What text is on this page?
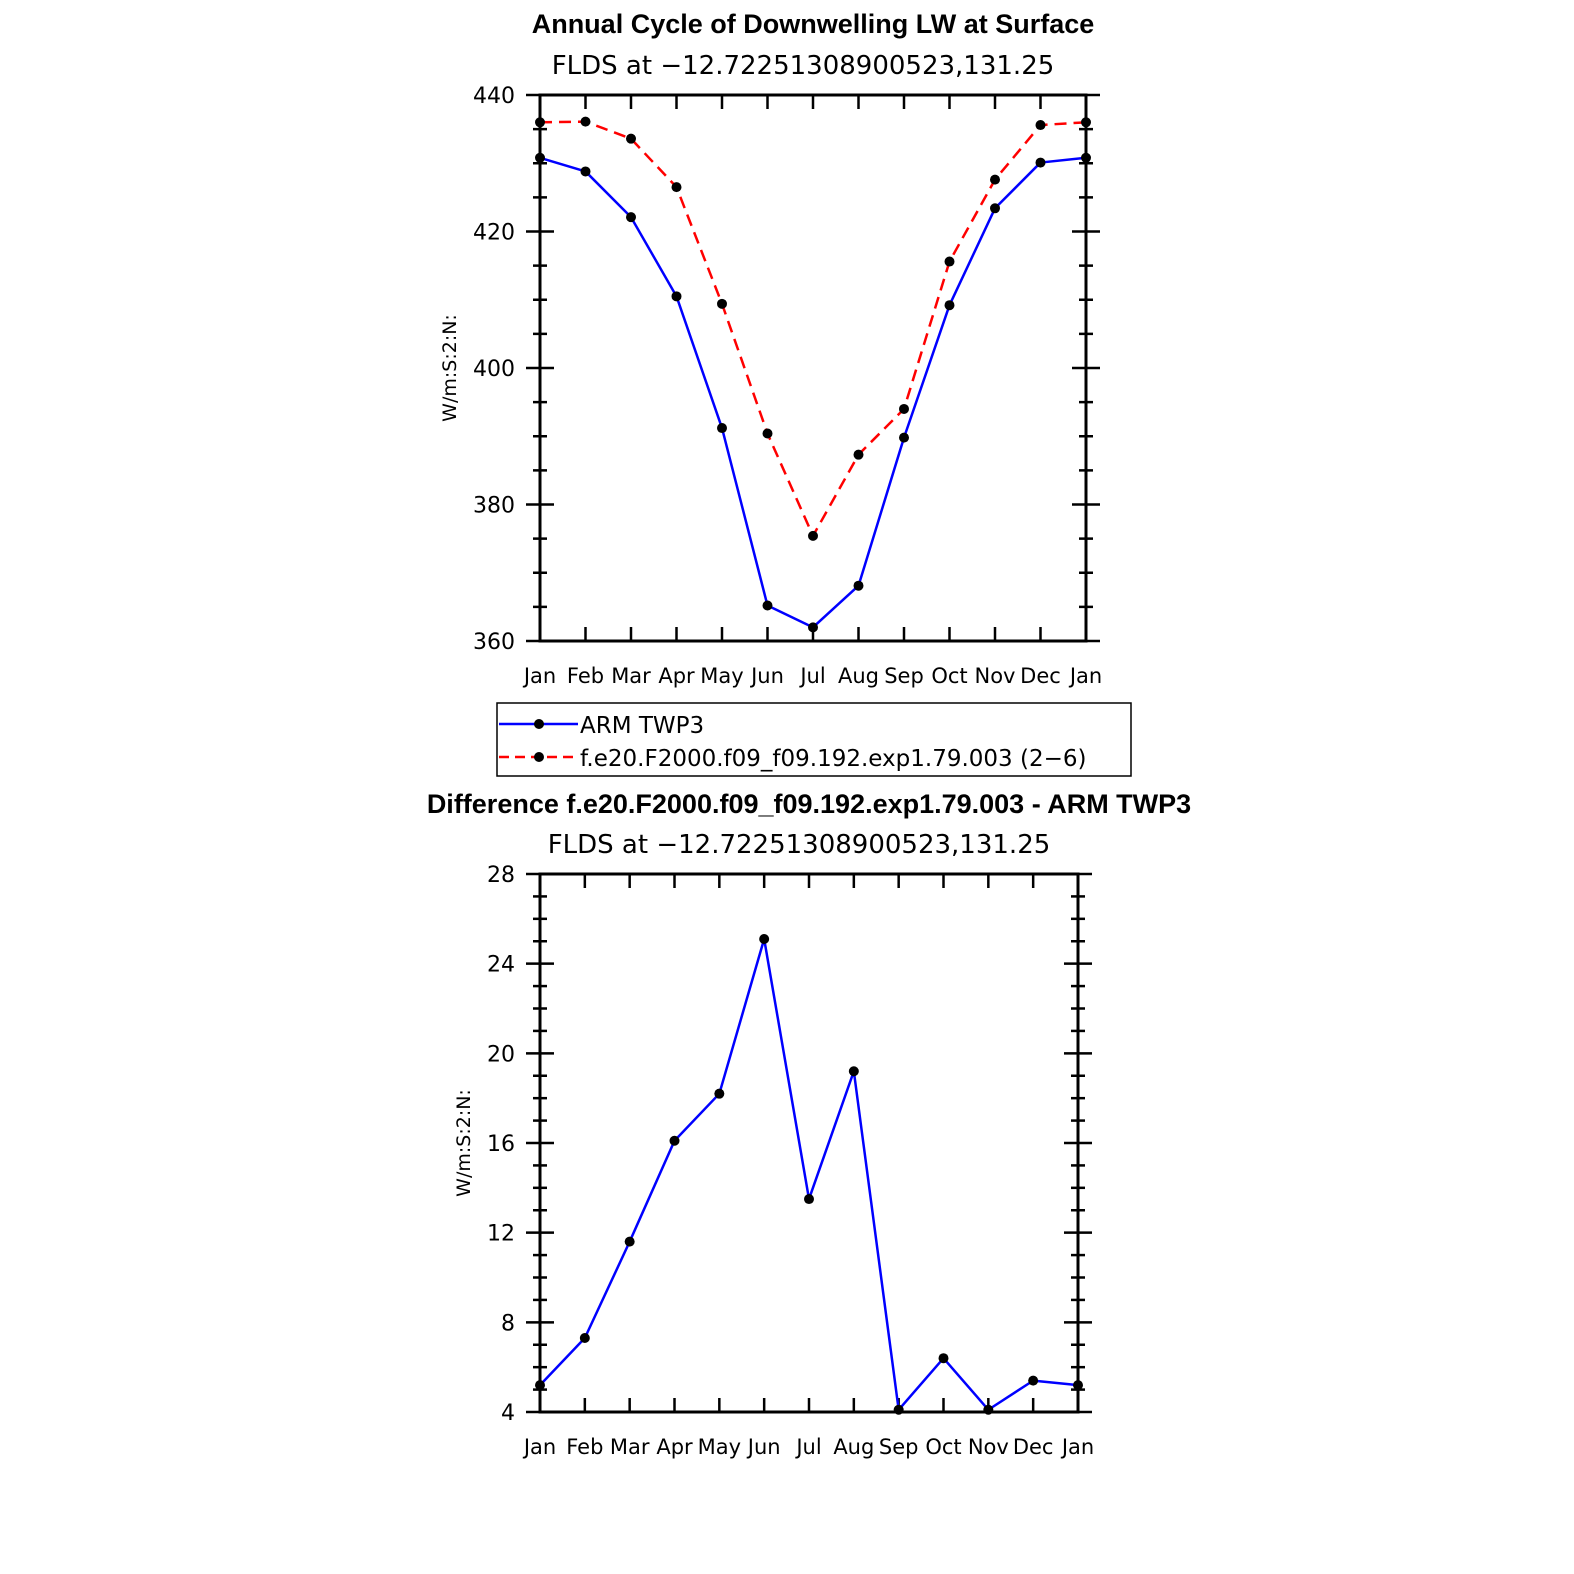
Annual Cycle of Downwelling LW at Surface
FLDS at −12.72251308900523,131.25
W/m:S:2:N:
Jan Feb Mar Apr May Jun Jul Aug Sep Oct Nov Dec Jan
360
380
400
420
440
ARM TWP3
f.e20.F2000.f09_f09.192.exp1.79.003 (2−6)
Difference f.e20.F2000.f09_f09.192.exp1.79.003 - ARM TWP3
FLDS at −12.72251308900523,131.25
W/m:S:2:N:
Jan Feb Mar Apr May Jun Jul Aug Sep Oct Nov Dec Jan
4
8
12
16
20
24
28
